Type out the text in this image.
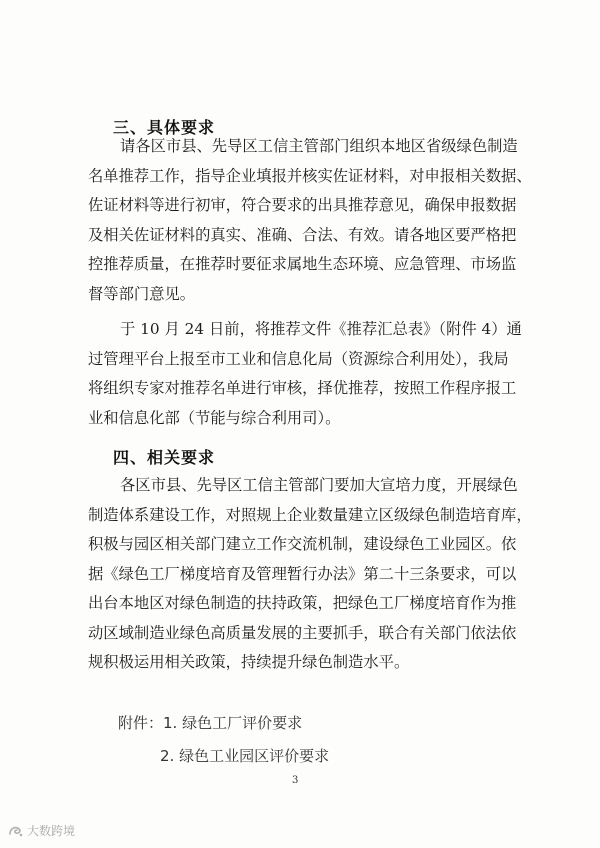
三、具体要求
请各区市县、先导区工信主管部门组织本地区省级绿色制造
名单推荐工作，指导企业填报并核实佐证材料，对申报相关数据、
佐证材料等进行初审，符合要求的出具推荐意见，确保申报数据
及相关佐证材料的真实、准确、合法、有效。请各地区要严格把
控推荐质量，在推荐时要征求属地生态环境、应急管理、市场监
督等部门意见。
于 10 月 24 日前，将推荐文件《推荐汇总表》（附件 4）通
过管理平台上报至市工业和信息化局（资源综合利用处），我局
将组织专家对推荐名单进行审核，择优推荐，按照工作程序报工
业和信息化部（节能与综合利用司）。
四、相关要求
各区市县、先导区工信主管部门要加大宣培力度，开展绿色
制造体系建设工作，对照规上企业数量建立区级绿色制造培育库，
积极与园区相关部门建立工作交流机制，建设绿色工业园区。依
据《绿色工厂梯度培育及管理暂行办法》第二十三条要求，可以
出台本地区对绿色制造的扶持政策，把绿色工厂梯度培育作为推
动区域制造业绿色高质量发展的主要抓手，联合有关部门依法依
规积极运用相关政策，持续提升绿色制造水平。
附件：1. 绿色工厂评价要求
2. 绿色工业园区评价要求
3
大数跨境
